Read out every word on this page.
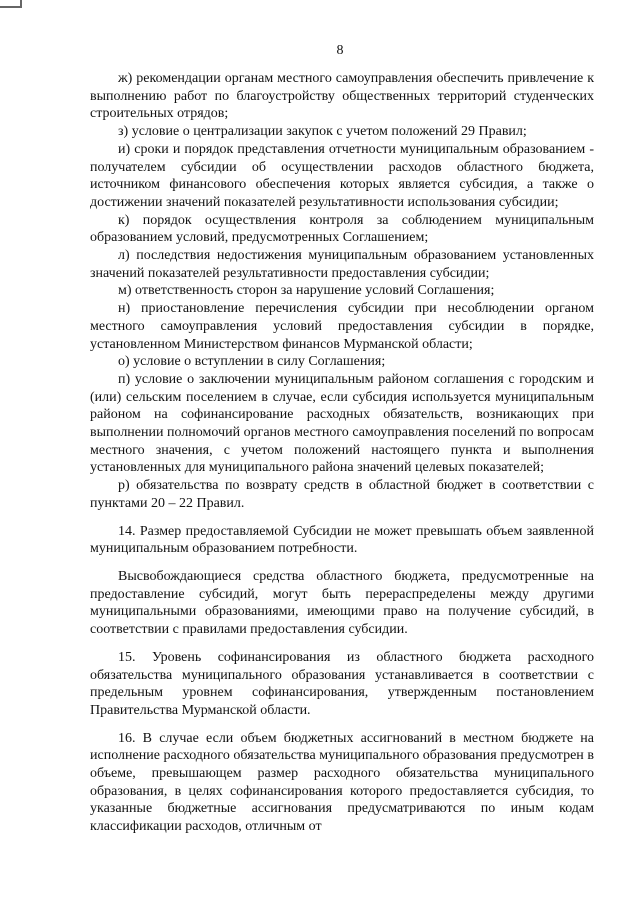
8

ж) рекомендации органам местного самоуправления обеспечить привлечение к выполнению работ по благоустройству общественных территорий студенческих строительных отрядов;

з) условие о централизации закупок с учетом положений 29 Правил;

и) сроки и порядок представления отчетности муниципальным образованием - получателем субсидии об осуществлении расходов областного бюджета, источником финансового обеспечения которых является субсидия, а также о достижении значений показателей результативности использования субсидии;

к) порядок осуществления контроля за соблюдением муниципальным образованием условий, предусмотренных Соглашением;

л) последствия недостижения муниципальным образованием установленных значений показателей результативности предоставления субсидии;

м) ответственность сторон за нарушение условий Соглашения;

н) приостановление перечисления субсидии при несоблюдении органом местного самоуправления условий предоставления субсидии в порядке, установленном Министерством финансов Мурманской области;

о) условие о вступлении в силу Соглашения;

п) условие о заключении муниципальным районом соглашения с городским и (или) сельским поселением в случае, если субсидия используется муниципальным районом на софинансирование расходных обязательств, возникающих при выполнении полномочий органов местного самоуправления поселений по вопросам местного значения, с учетом положений настоящего пункта и выполнения установленных для муниципального района значений целевых показателей;

р) обязательства по возврату средств в областной бюджет в соответствии с пунктами 20 – 22 Правил.

14. Размер предоставляемой Субсидии не может превышать объем заявленной муниципальным образованием потребности.

Высвобождающиеся средства областного бюджета, предусмотренные на предоставление субсидий, могут быть перераспределены между другими муниципальными образованиями, имеющими право на получение субсидий, в соответствии с правилами предоставления субсидии.

15. Уровень софинансирования из областного бюджета расходного обязательства муниципального образования устанавливается в соответствии с предельным уровнем софинансирования, утвержденным постановлением Правительства Мурманской области.

16. В случае если объем бюджетных ассигнований в местном бюджете на исполнение расходного обязательства муниципального образования предусмотрен в объеме, превышающем размер расходного обязательства муниципального образования, в целях софинансирования которого предоставляется субсидия, то указанные бюджетные ассигнования предусматриваются по иным кодам классификации расходов, отличным от
